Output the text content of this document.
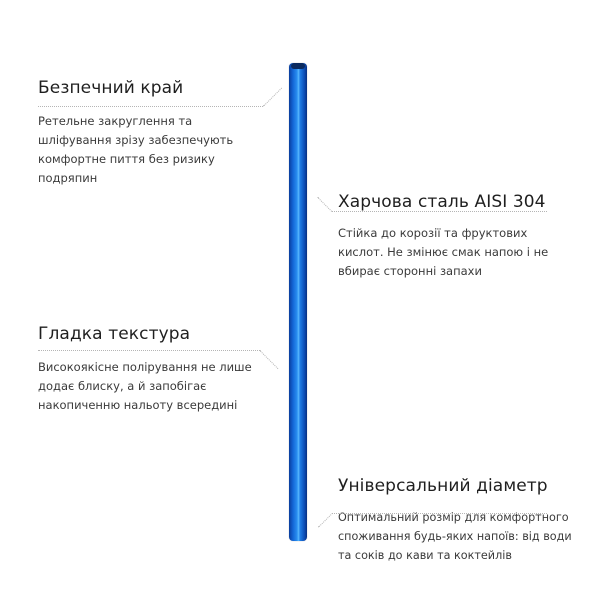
Безпечний край

Ретельне закруглення та
шліфування зрізу забезпечують
комфортне пиття без ризику
подряпин

Харчова сталь AISI 304

Стійка до корозії та фруктових
кислот. Не змінює смак напою і не
вбирає сторонні запахи

Гладка текстура

Високоякісне полірування не лише
додає блиску, а й запобігає
накопиченню нальоту всередині

Універсальний діаметр

Оптимальний розмір для комфортного
споживання будь-яких напоїв: від води
та соків до кави та коктейлів
